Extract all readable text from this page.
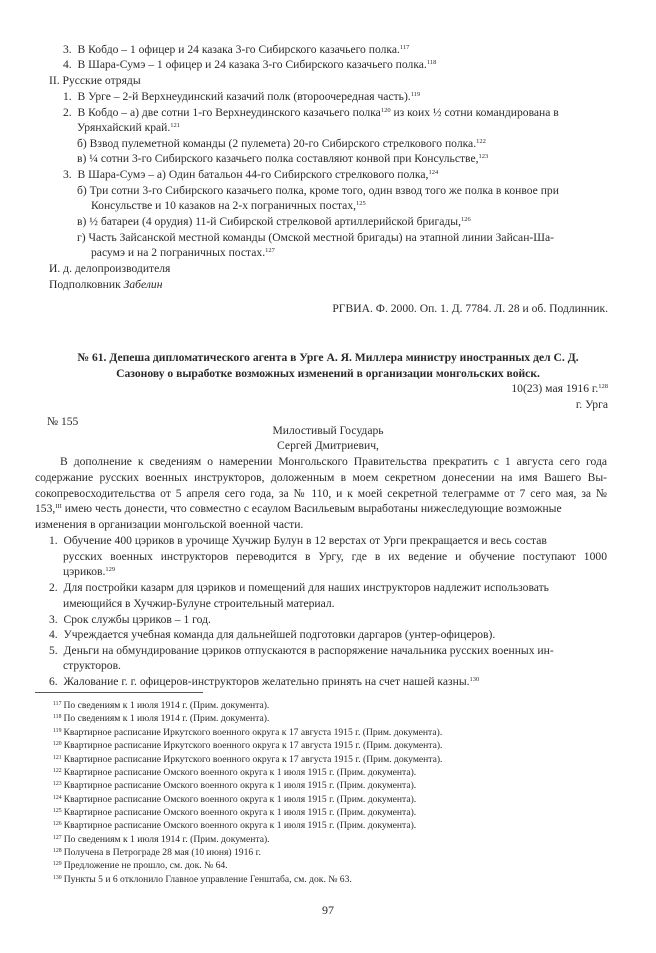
3. В Кобдо – 1 офицер и 24 казака 3-го Сибирского казачьего полка.$^{117}$
4. В Шара-Сумэ – 1 офицер и 24 казака 3-го Сибирского казачьего полка.$^{118}$
II. Русские отряды
1. В Урге – 2-й Верхнеудинский казачий полк (второочередная часть).$^{119}$
2. В Кобдо – а) две сотни 1-го Верхнеудинского казачьего полка$^{120}$ из коих ½ сотни командирована в
Урянхайский край.$^{121}$
б) Взвод пулеметной команды (2 пулемета) 20-го Сибирского стрелкового полка.$^{122}$
в) ¼ сотни 3-го Сибирского казачьего полка составляют конвой при Консульстве,$^{123}$
3. В Шара-Сумэ – а) Один батальон 44-го Сибирского стрелкового полка,$^{124}$
б) Три сотни 3-го Сибирского казачьего полка, кроме того, один взвод того же полка в конвое при
Консульстве и 10 казаков на 2-х пограничных постах,$^{125}$
в) ½ батареи (4 орудия) 11-й Сибирской стрелковой артиллерийской бригады,$^{126}$
г) Часть Зайсанской местной команды (Омской местной бригады) на этапной линии Зайсан-Ша-
расумэ и на 2 пограничных постах.$^{127}$
И. д. делопроизводителя
Подполковник Забелин
РГВИА. Ф. 2000. Оп. 1. Д. 7784. Л. 28 и об. Подлинник.
№ 61. Депеша дипломатического агента в Урге А. Я. Миллера министру иностранных дел С. Д.
Сазонову о выработке возможных изменений в организации монгольских войск.
10(23) мая 1916 г.$^{128}$
г. Урга
№ 155
Милостивый Государь
Сергей Дмитриевич,
В дополнение к сведениям о намерении Монгольского Правительства прекратить с 1 августа сего года
содержание русских военных инструкторов, доложенным в моем секретном донесении на имя Вашего Вы-
сокопревосходительства от 5 апреля сего года, за № 110, и к моей секретной телеграмме от 7 сего мая, за №
153,$^{III}$ имею честь донести, что совместно с есаулом Васильевым выработаны нижеследующие возможные
изменения в организации монгольской военной части.
1. Обучение 400 цэриков в урочище Хучжир Булун в 12 верстах от Урги прекращается и весь состав
русских военных инструкторов переводится в Ургу, где в их ведение и обучение поступают 1000
цэриков.$^{129}$
2. Для постройки казарм для цэриков и помещений для наших инструкторов надлежит использовать
имеющийся в Хучжир-Булуне строительный материал.
3. Срок службы цэриков – 1 год.
4. Учреждается учебная команда для дальнейшей подготовки даргаров (унтер-офицеров).
5. Деньги на обмундирование цэриков отпускаются в распоряжение начальника русских военных ин-
структоров.
6. Жалование г. г. офицеров-инструкторов желательно принять на счет нашей казны.$^{130}$
$^{117}$ По сведениям к 1 июля 1914 г. (Прим. документа).
$^{118}$ По сведениям к 1 июля 1914 г. (Прим. документа).
$^{119}$ Квартирное расписание Иркутского военного округа к 17 августа 1915 г. (Прим. документа).
$^{120}$ Квартирное расписание Иркутского военного округа к 17 августа 1915 г. (Прим. документа).
$^{121}$ Квартирное расписание Иркутского военного округа к 17 августа 1915 г. (Прим. документа).
$^{122}$ Квартирное расписание Омского военного округа к 1 июля 1915 г. (Прим. документа).
$^{123}$ Квартирное расписание Омского военного округа к 1 июля 1915 г. (Прим. документа).
$^{124}$ Квартирное расписание Омского военного округа к 1 июля 1915 г. (Прим. документа).
$^{125}$ Квартирное расписание Омского военного округа к 1 июля 1915 г. (Прим. документа).
$^{126}$ Квартирное расписание Омского военного округа к 1 июля 1915 г. (Прим. документа).
$^{127}$ По сведениям к 1 июля 1914 г. (Прим. документа).
$^{128}$ Получена в Петрограде 28 мая (10 июня) 1916 г.
$^{129}$ Предложение не прошло, см. док. № 64.
$^{130}$ Пункты 5 и 6 отклонило Главное управление Генштаба, см. док. № 63.
97
